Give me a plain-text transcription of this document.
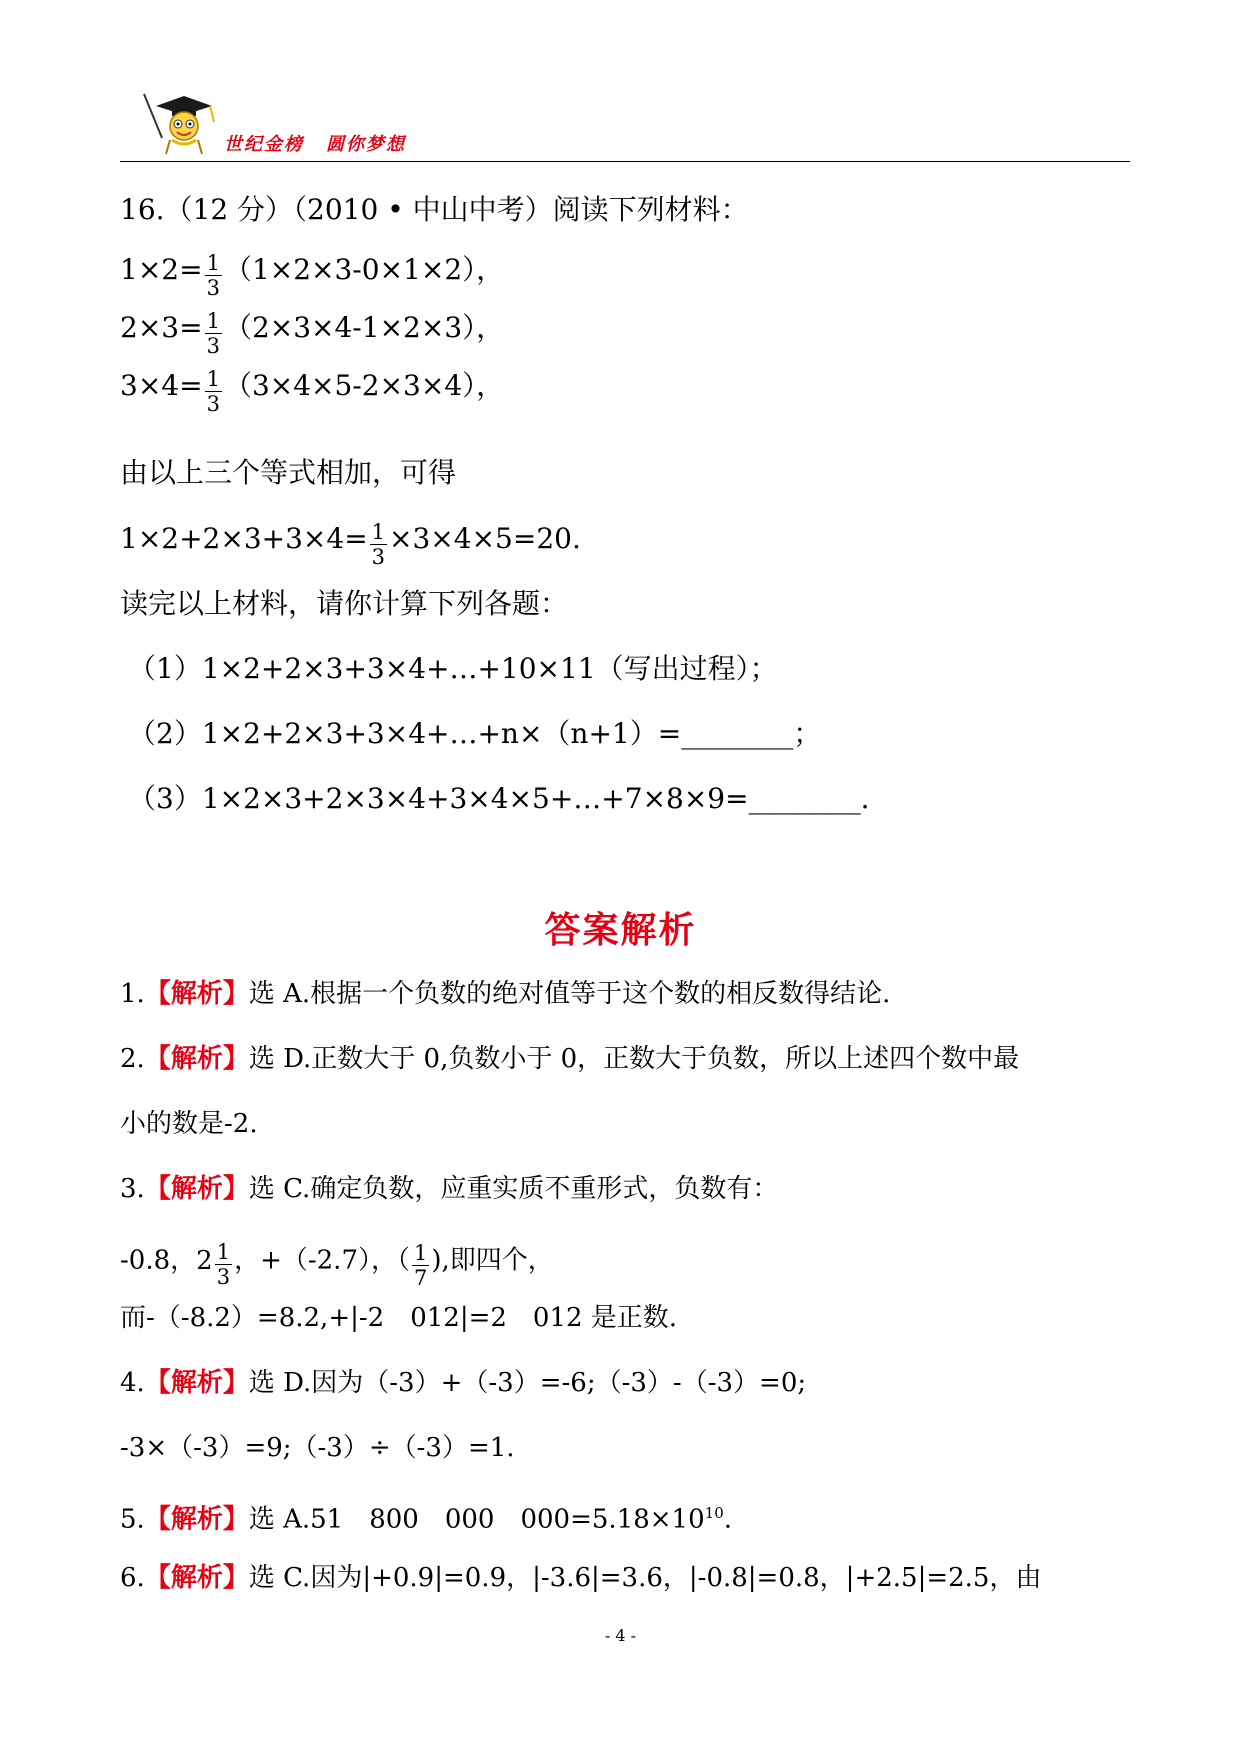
世纪金榜 圆你梦想
16.（12 分）（2010 • 中山中考）阅读下列材料：
$1\times 2= \frac{1}{3} (1\times 2\times 3-0\times 1\times 2)$，
$2\times 3= \frac{1}{3} (2\times 3\times 4-1\times 2\times 3)$，
$3\times 4= \frac{1}{3} (3\times 4\times 5-2\times 3\times 4)$，
由以上三个等式相加，可得
$1\times 2+2\times 3+3\times 4= \frac{1}{3} \times 3\times 4\times 5=20$.
读完以上材料，请你计算下列各题：
（1）1×2+2×3+3×4+…+10×11（写出过程）；
（2）1×2+2×3+3×4+…+n×（n+1）=________；
（3）1×2×3+2×3×4+3×4×5+…+7×8×9=________.
答案解析
1.【解析】选 A.根据一个负数的绝对值等于这个数的相反数得结论.
2.【解析】选 D.正数大于 0,负数小于 0，正数大于负数，所以上述四个数中最
小的数是-2.
3.【解析】选 C.确定负数，应重实质不重形式，负数有：
-0.8， $2 \frac{1}{3}$ ，+（-2.7），（ $\frac{1}{7}$ ),即四个，
而-（-8.2）=8.2,+|-2　012|=2　012 是正数.
4.【解析】选 D.因为（-3）+（-3）=-6;（-3）-（-3）=0;
-3×（-3）=9;（-3）÷（-3）=1.
5.【解析】选 A.51　800　000　$000=5.18\times 10^{10}$.
6.【解析】选 C.因为|+0.9|=0.9，|-3.6|=3.6，|-0.8|=0.8，|+2.5|=2.5，由
- 4 -
